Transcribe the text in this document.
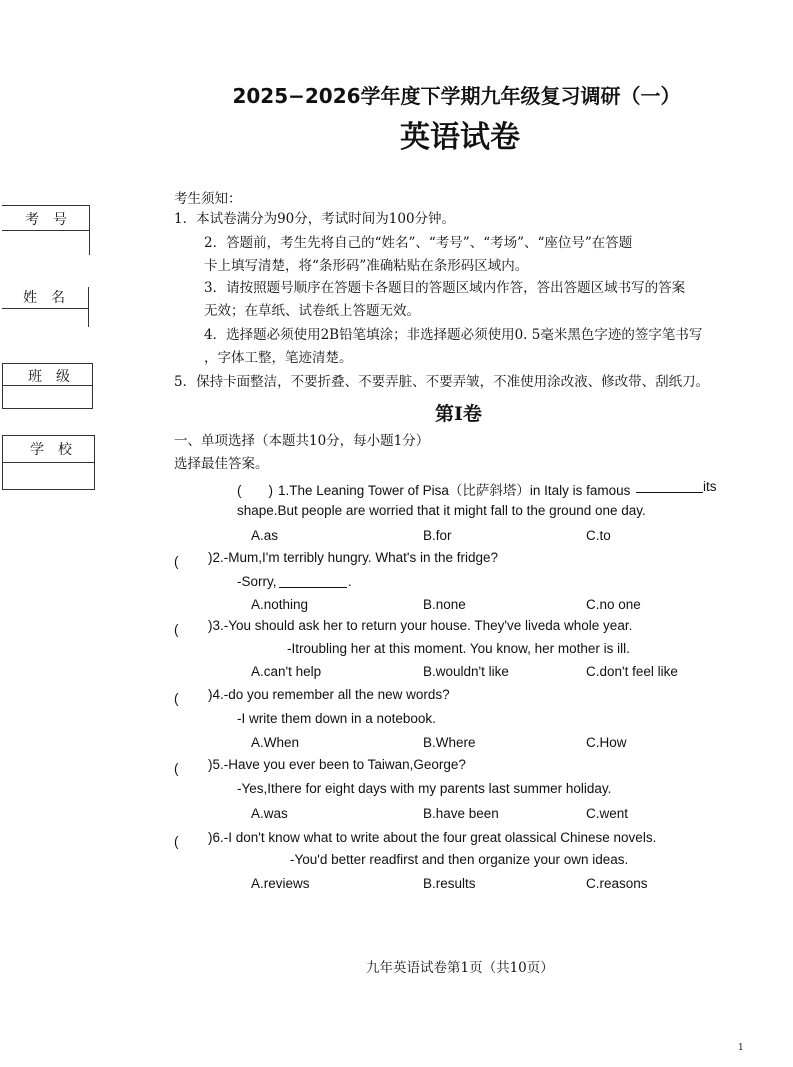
2025−2026学年度下学期九年级复习调研（一）
英语试卷
考　号
姓　名
班　级
学　校
考生须知：
1．本试卷满分为90分，考试时间为100分钟。
2．答题前，考生先将自己的“姓名”、“考号”、“考场”、“座位号”在答题
卡上填写清楚，将“条形码”准确粘贴在条形码区域内。
3．请按照题号顺序在答题卡各题目的答题区域内作答，答出答题区域书写的答案
无效；在草纸、试卷纸上答题无效。
4．选择题必须使用2B铅笔填涂；非选择题必须使用0. 5毫米黑色字迹的签字笔书写
，字体工整，笔迹清楚。
5．保持卡面整洁，不要折叠、不要弄脏、不要弄皱，不准使用涂改液、修改带、刮纸刀。
第Ⅰ卷
一、单项选择（本题共10分，每小题1分）
选择最佳答案。
(　　) 1.The Leaning Tower of Pisa（比萨斜塔）in Italy is famous	its
shape.But people are worried that it might fall to the ground one day.
A.as	B.for	C.to
(　　 )2.-Mum,I'm terribly hungry. What's in the fridge?
-Sorry,	.
A.nothing	B.none	C.no one
(　　 )3.-You should ask her to return your house. They've liveda whole year.
-Itroubling her at this moment. You know, her mother is ill.
A.can't help	B.wouldn't like	C.don't feel like
(　　 )4.-do you remember all the new words?
-I write them down in a notebook.
A.When	B.Where	C.How
(　　 )5.-Have you ever been to Taiwan,George?
-Yes,Ithere for eight days with my parents last summer holiday.
A.was	B.have been	C.went
(　　 )6.-I don't know what to write about the four great olassical Chinese novels.
-You'd better readfirst and then organize your own ideas.
A.reviews	B.results	C.reasons
九年英语试卷第1页（共10页）
1
